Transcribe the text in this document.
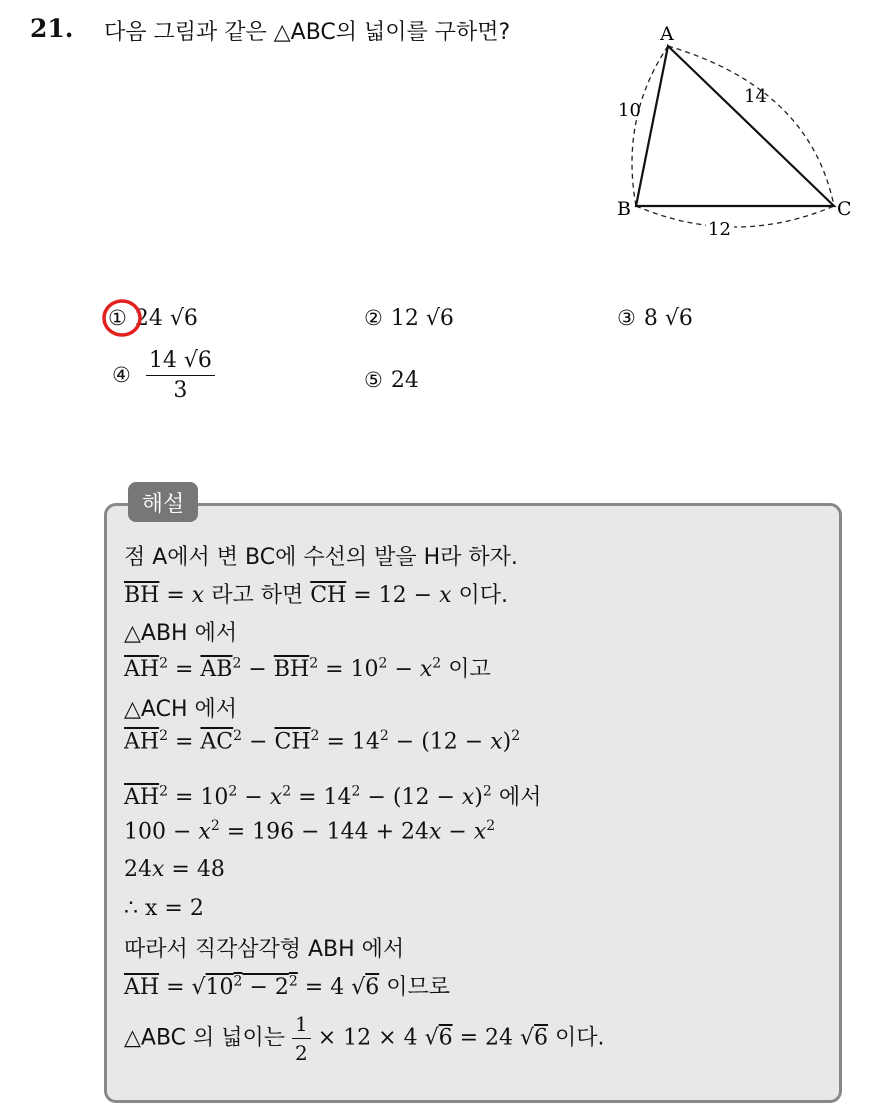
21. 다음 그림과 같은 △ABC의 넓이를 구하면?	A
B	C
10
14
12
① 24 √6	② 12 √6	③ 8 √6
④ $\frac{14 √6}{3}$	⑤ 24
해설
점 A에서 변 BC에 수선의 발을 H라 하자.
$\overline{BH} = x$ 라고 하면 $\overline{CH} = 12 - x$ 이다.
△ABH 에서
$\overline{AH}^2 = \overline{AB}^2 - \overline{BH}^2 = 10^2 - x^2$ 이고
△ACH 에서
$\overline{AH}^2 = \overline{AC}^2 - \overline{CH}^2 = 14^2 - (12 - x)^2$
$\overline{AH}^2 = 10^2 - x^2 = 14^2 - (12 - x)^2$ 에서
$100 - x^2 = 196 - 144 + 24x - x^2$
24x = 48
∴ x = 2
따라서 직각삼각형 ABH 에서
$\overline{AH} = √10^2 - 2^2 = 4$ √6 이므로
△ABC 의 넓이는 $\frac{1}{2} \times 12 \times 4$ √6 = 24 √6 이다.
